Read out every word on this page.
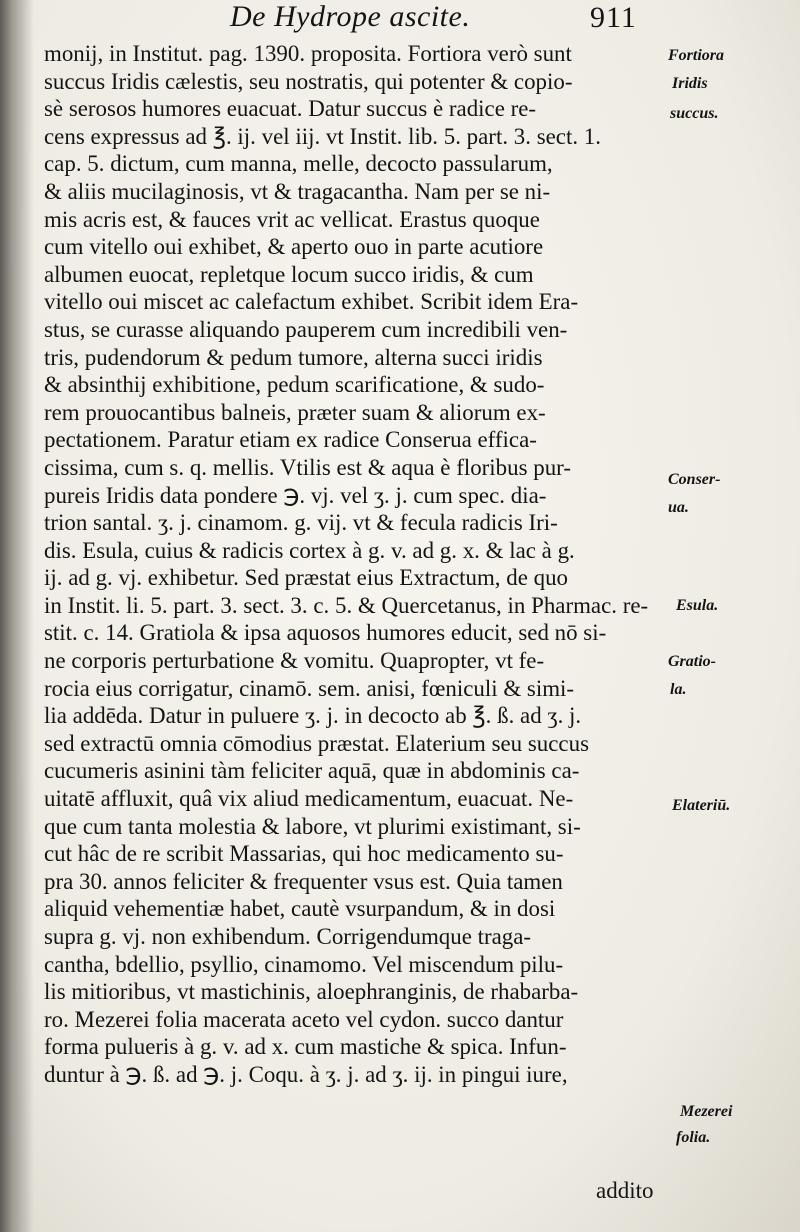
De Hydrope ascite.	911
monij, in Institut. pag. 1390. proposita. Fortiora verò sunt
succus Iridis cælestis, seu nostratis, qui potenter & copio-
sè serosos humores euacuat. Datur succus è radice re-
cens expressus ad ℥. ij. vel iij. vt Instit. lib. 5. part. 3. sect. 1.
cap. 5. dictum, cum manna, melle, decocto passularum,
& aliis mucilaginosis, vt & tragacantha. Nam per se ni-
mis acris est, & fauces vrit ac vellicat. Erastus quoque
cum vitello oui exhibet, & aperto ouo in parte acutiore
albumen euocat, repletque locum succo iridis, & cum
vitello oui miscet ac calefactum exhibet. Scribit idem Era-
stus, se curasse aliquando pauperem cum incredibili ven-
tris, pudendorum & pedum tumore, alterna succi iridis
& absinthij exhibitione, pedum scarificatione, & sudo-
rem prouocantibus balneis, præter suam & aliorum ex-
pectationem. Paratur etiam ex radice Conserua effica-
cissima, cum s. q. mellis. Vtilis est & aqua è floribus pur-
pureis Iridis data pondere ℈. vj. vel ʒ. j. cum spec. dia-
trion santal. ʒ. j. cinamom. g. vij. vt & fecula radicis Iri-
dis. Esula, cuius & radicis cortex à g. v. ad g. x. & lac à g.
ij. ad g. vj. exhibetur. Sed præstat eius Extractum, de quo
in Instit. li. 5. part. 3. sect. 3. c. 5. & Quercetanus, in Pharmac. re-
stit. c. 14. Gratiola & ipsa aquosos humores educit, sed nō si-
ne corporis perturbatione & vomitu. Quapropter, vt fe-
rocia eius corrigatur, cinamō. sem. anisi, fœniculi & simi-
lia addēda. Datur in puluere ʒ. j. in decocto ab ℥. ß. ad ʒ. j.
sed extractū omnia cōmodius præstat. Elaterium seu succus
cucumeris asinini tàm feliciter aquā, quæ in abdominis ca-
uitatē affluxit, quâ vix aliud medicamentum, euacuat. Ne-
que cum tanta molestia & labore, vt plurimi existimant, si-
cut hâc de re scribit Massarias, qui hoc medicamento su-
pra 30. annos feliciter & frequenter vsus est. Quia tamen
aliquid vehementiæ habet, cautè vsurpandum, & in dosi
supra g. vj. non exhibendum. Corrigendumque traga-
cantha, bdellio, psyllio, cinamomo. Vel miscendum pilu-
lis mitioribus, vt mastichinis, aloephranginis, de rhabarba-
ro. Mezerei folia macerata aceto vel cydon. succo dantur
forma pulueris à g. v. ad x. cum mastiche & spica. Infun-
duntur à ℈. ß. ad ℈. j. Coqu. à ʒ. j. ad ʒ. ij. in pingui iure,
addito
Fortiora
Iridis
succus.
Conser-
ua.
Esula.
Gratio-
la.
Elateriū.
Mezerei
folia.
